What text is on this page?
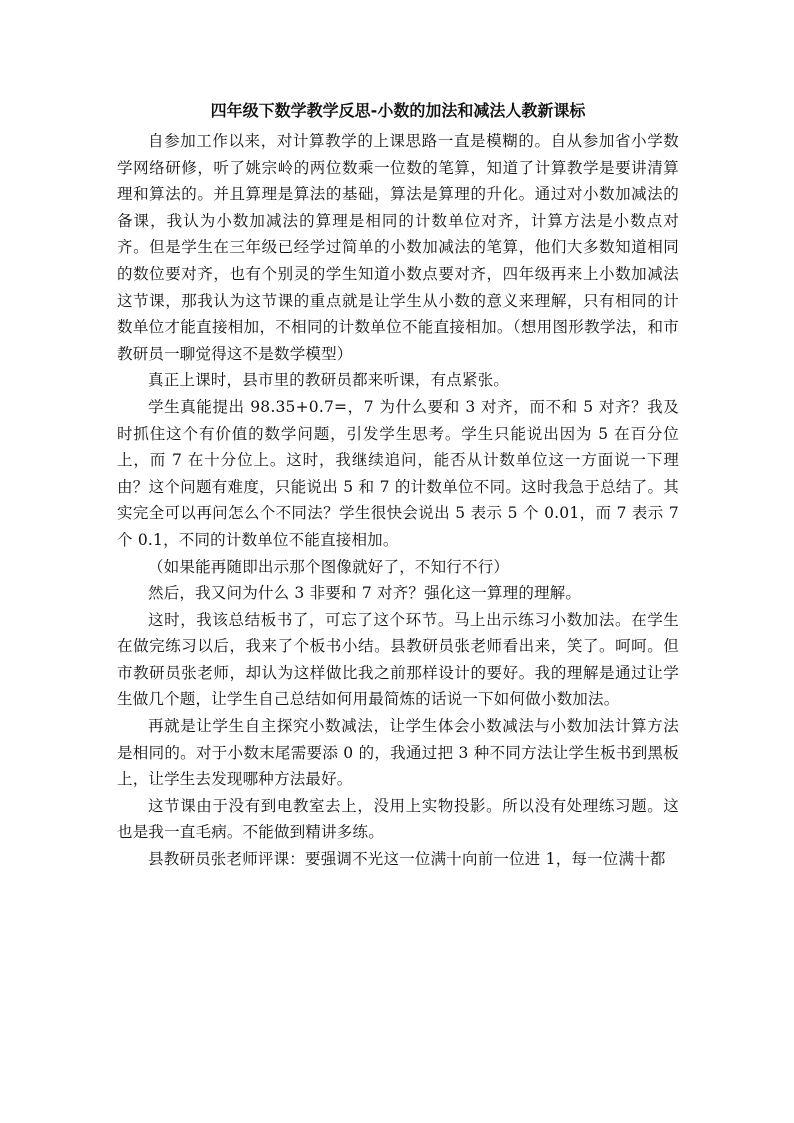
四年级下数学教学反思-小数的加法和减法人教新课标

自参加工作以来，对计算教学的上课思路一直是模糊的。自从参加省小学数学网络研修，听了姚宗岭的两位数乘一位数的笔算，知道了计算教学是要讲清算理和算法的。并且算理是算法的基础，算法是算理的升化。通过对小数加减法的备课，我认为小数加减法的算理是相同的计数单位对齐，计算方法是小数点对齐。但是学生在三年级已经学过简单的小数加减法的笔算，他们大多数知道相同的数位要对齐，也有个别灵的学生知道小数点要对齐，四年级再来上小数加减法这节课，那我认为这节课的重点就是让学生从小数的意义来理解，只有相同的计数单位才能直接相加，不相同的计数单位不能直接相加。（想用图形教学法，和市教研员一聊觉得这不是数学模型）

真正上课时，县市里的教研员都来听课，有点紧张。

学生真能提出 98.35+0.7=，7 为什么要和 3 对齐，而不和 5 对齐？我及时抓住这个有价值的数学问题，引发学生思考。学生只能说出因为 5 在百分位上，而 7 在十分位上。这时，我继续追问，能否从计数单位这一方面说一下理由？这个问题有难度，只能说出 5 和 7 的计数单位不同。这时我急于总结了。其实完全可以再问怎么个不同法？学生很快会说出 5 表示 5 个 0.01，而 7 表示 7 个 0.1，不同的计数单位不能直接相加。

（如果能再随即出示那个图像就好了，不知行不行）

然后，我又问为什么 3 非要和 7 对齐？强化这一算理的理解。

这时，我该总结板书了，可忘了这个环节。马上出示练习小数加法。在学生在做完练习以后，我来了个板书小结。县教研员张老师看出来，笑了。呵呵。但市教研员张老师，却认为这样做比我之前那样设计的要好。我的理解是通过让学生做几个题，让学生自己总结如何用最简炼的话说一下如何做小数加法。

再就是让学生自主探究小数减法，让学生体会小数减法与小数加法计算方法是相同的。对于小数末尾需要添 0 的，我通过把 3 种不同方法让学生板书到黑板上，让学生去发现哪种方法最好。

这节课由于没有到电教室去上，没用上实物投影。所以没有处理练习题。这也是我一直毛病。不能做到精讲多练。

县教研员张老师评课：要强调不光这一位满十向前一位进 1，每一位满十都
